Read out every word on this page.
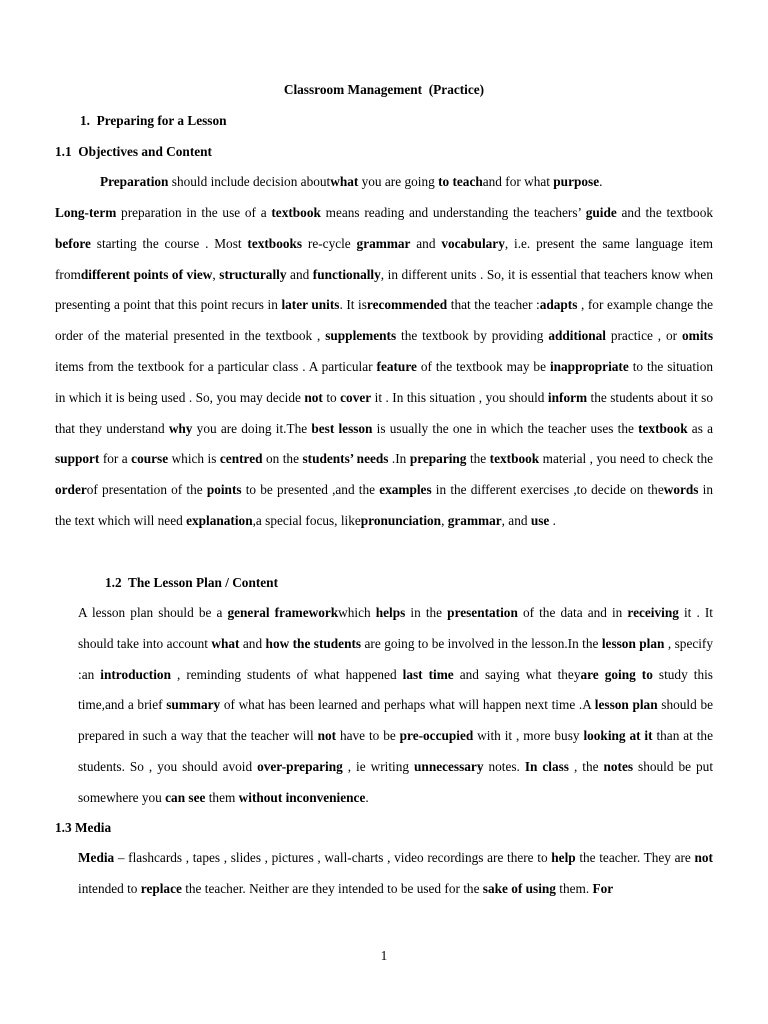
Classroom Management  (Practice)
1.  Preparing for a Lesson
1.1  Objectives and Content

Preparation should include decision aboutwhat you are going to teachand for what purpose.

Long-term preparation in the use of a textbook means reading and understanding the teachers’ guide and the textbook before starting the course . Most textbooks re-cycle grammar and vocabulary, i.e. present the same language item fromdifferent points of view, structurally and functionally, in different units . So, it is essential that teachers know when presenting a point that this point recurs in later units. It isrecommended that the teacher :adapts , for example change the order of the material presented in the textbook , supplements the textbook by providing additional practice , or omits items from the textbook for a particular class . A particular feature of the textbook may be inappropriate to the situation in which it is being used . So, you may decide not to cover it . In this situation , you should inform the students about it so that they understand why you are doing it.The best lesson is usually the one in which the teacher uses the textbook as a support for a course which is centred on the students’ needs .In preparing the textbook material , you need to check the orderof presentation of the points to be presented ,and the examples in the different exercises ,to decide on thewords in the text which will need explanation,a special focus, likepronunciation, grammar, and use .

1.2  The Lesson Plan / Content

A lesson plan should be a general frameworkwhich helps in the presentation of the data and in receiving it . It should take into account what and how the students are going to be involved in the lesson.In the lesson plan , specify :an introduction , reminding students of what happened last time and saying what theyare going to study this time,and a brief summary of what has been learned and perhaps what will happen next time .A lesson plan should be prepared in such a way that the teacher will not have to be pre-occupied with it , more busy looking at it than at the students. So , you should avoid over-preparing , ie writing unnecessary notes. In class , the notes should be put somewhere you can see them without inconvenience.

1.3 Media

Media – flashcards , tapes , slides , pictures , wall-charts , video recordings are there to help the teacher. They are not intended to replace the teacher. Neither are they intended to be used for the sake of using them. For

1
